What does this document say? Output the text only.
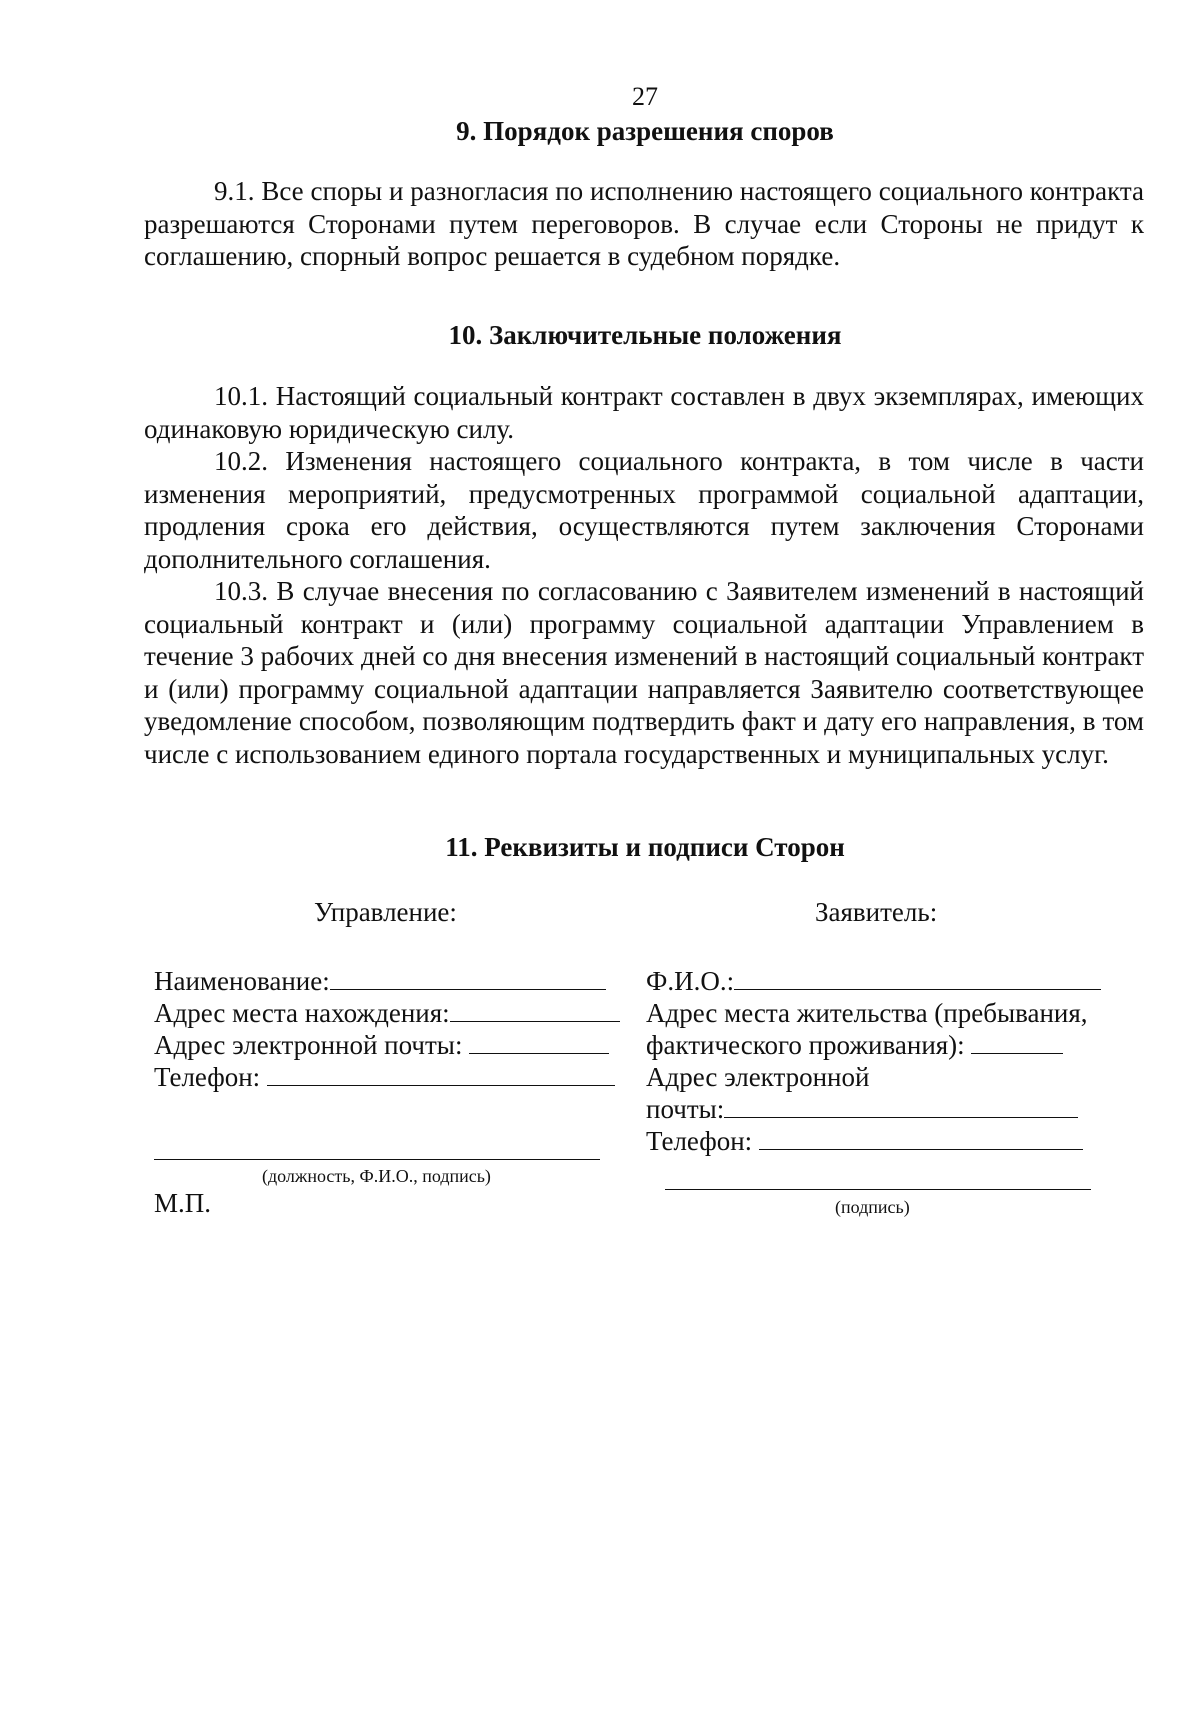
27
9. Порядок разрешения споров

9.1. Все споры и разногласия по исполнению настоящего социального контракта разрешаются Сторонами путем переговоров. В случае если Стороны не придут к соглашению, спорный вопрос решается в судебном порядке.

10. Заключительные положения

10.1. Настоящий социальный контракт составлен в двух экземплярах, имеющих одинаковую юридическую силу.

10.2. Изменения настоящего социального контракта, в том числе в части изменения мероприятий, предусмотренных программой социальной адаптации, продления срока его действия, осуществляются путем заключения Сторонами дополнительного соглашения.

10.3. В случае внесения по согласованию с Заявителем изменений в настоящий социальный контракт и (или) программу социальной адаптации Управлением в течение 3 рабочих дней со дня внесения изменений в настоящий социальный контракт и (или) программу социальной адаптации направляется Заявителю соответствующее уведомление способом, позволяющим подтвердить факт и дату его направления, в том числе с использованием единого портала государственных и муниципальных услуг.

11. Реквизиты и подписи Сторон
Управление:
Наименование:
Адрес места нахождения:
Адрес электронной почты:
Телефон:
(должность, Ф.И.О., подпись)
М.П.
Заявитель:
Ф.И.О.:
Адрес места жительства (пребывания,
фактического проживания):
Адрес электронной
почты:
Телефон:
(подпись)
